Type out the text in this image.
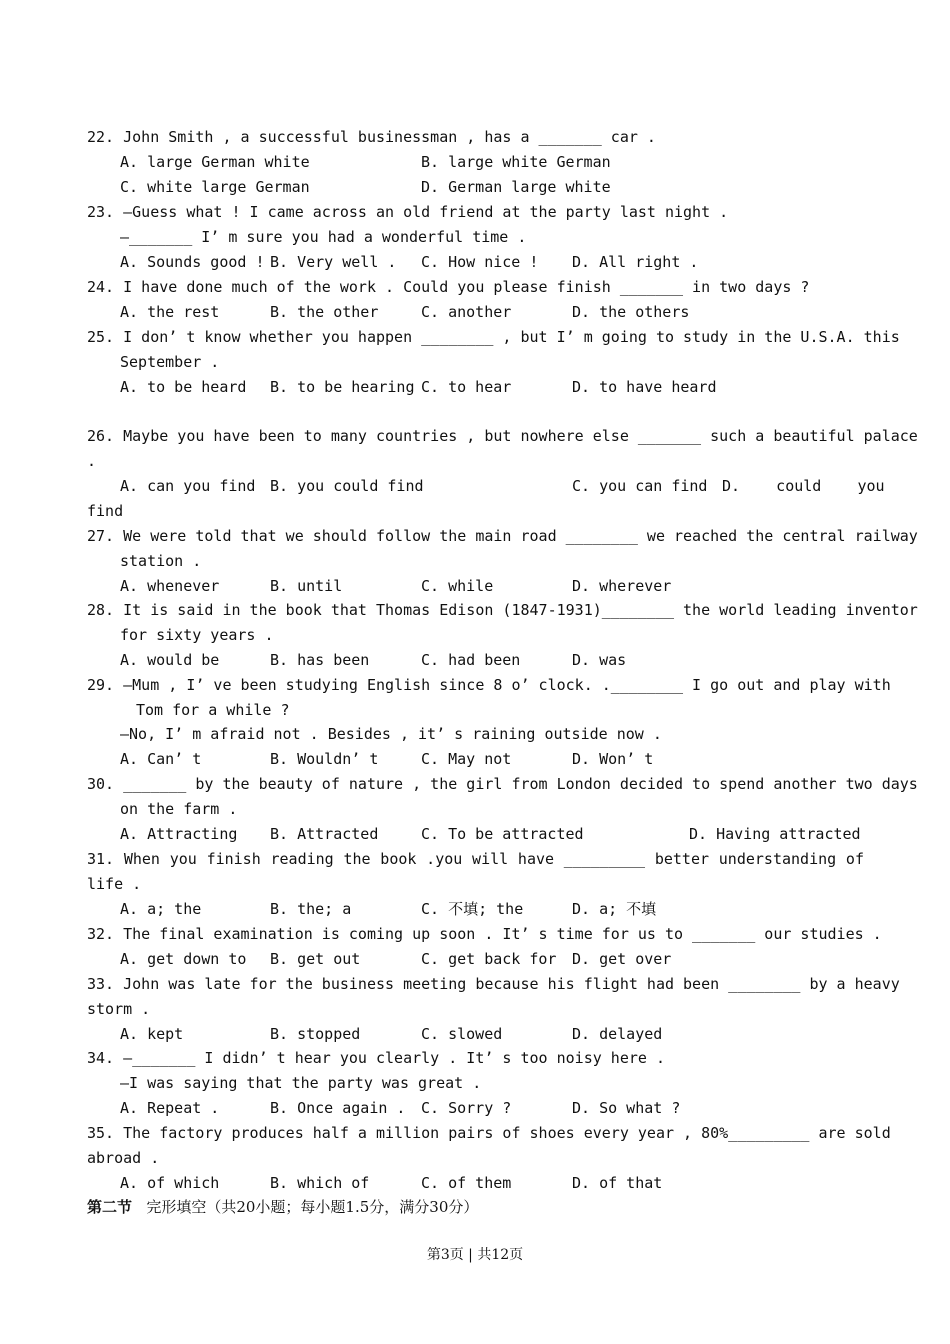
22. John Smith , a successful businessman , has a _______ car .
A. large German white	B. large white German
C. white large German	D. German large white
23. —Guess what ! I came across an old friend at the party last night .
—_______ I’ m sure you had a wonderful time .
A. Sounds good ! B. Very well . C. How nice ! D. All right .
24. I have done much of the work . Could you please finish _______ in two days ?
A. the rest	B. the other	C. another	D. the others
25. I don’ t know whether you happen ________ , but I’ m going to study in the U.S.A. this
September .
A. to be heard B. to be hearing C. to hear	D. to have heard
26. Maybe you have been to many countries , but nowhere else _______ such a beautiful palace
.
A. can you find B. you could find	C. you can find D.    could    you
find
27. We were told that we should follow the main road ________ we reached the central railway
station .
A. whenever	B. until	C. while	D. wherever
28. It is said in the book that Thomas Edison (1847-1931)________ the world leading inventor
for sixty years .
A. would be	B. has been	C. had been	D. was
29. —Mum , I’ ve been studying English since 8 o’ clock. .________ I go out and play with
Tom for a while ?
—No, I’ m afraid not . Besides , it’ s raining outside now .
A. Can’ t	B. Wouldn’ t	C. May not	D. Won’ t
30. _______ by the beauty of nature , the girl from London decided to spend another two days
on the farm .
A. Attracting B. Attracted	C. To be attracted	D. Having attracted
31. When you finish reading the book .you will have _________ better understanding of
life .
A. a; the	B. the; a	C. 不填; the	D. a; 不填
32. The final examination is coming up soon . It’ s time for us to _______ our studies .
A. get down to B. get out	C. get back for D. get over
33. John was late for the business meeting because his flight had been ________ by a heavy
storm .
A. kept	B. stopped	C. slowed	D. delayed
34. —_______ I didn’ t hear you clearly . It’ s too noisy here .
—I was saying that the party was great .
A. Repeat .	B. Once again . C. Sorry ?	D. So what ?
35. The factory produces half a million pairs of shoes every year , 80%_________ are sold
abroad .
A. of which	B. which of	C. of them	D. of that
第二节 完形填空（共20小题；每小题1.5分，满分30分）
第3页 | 共12页
